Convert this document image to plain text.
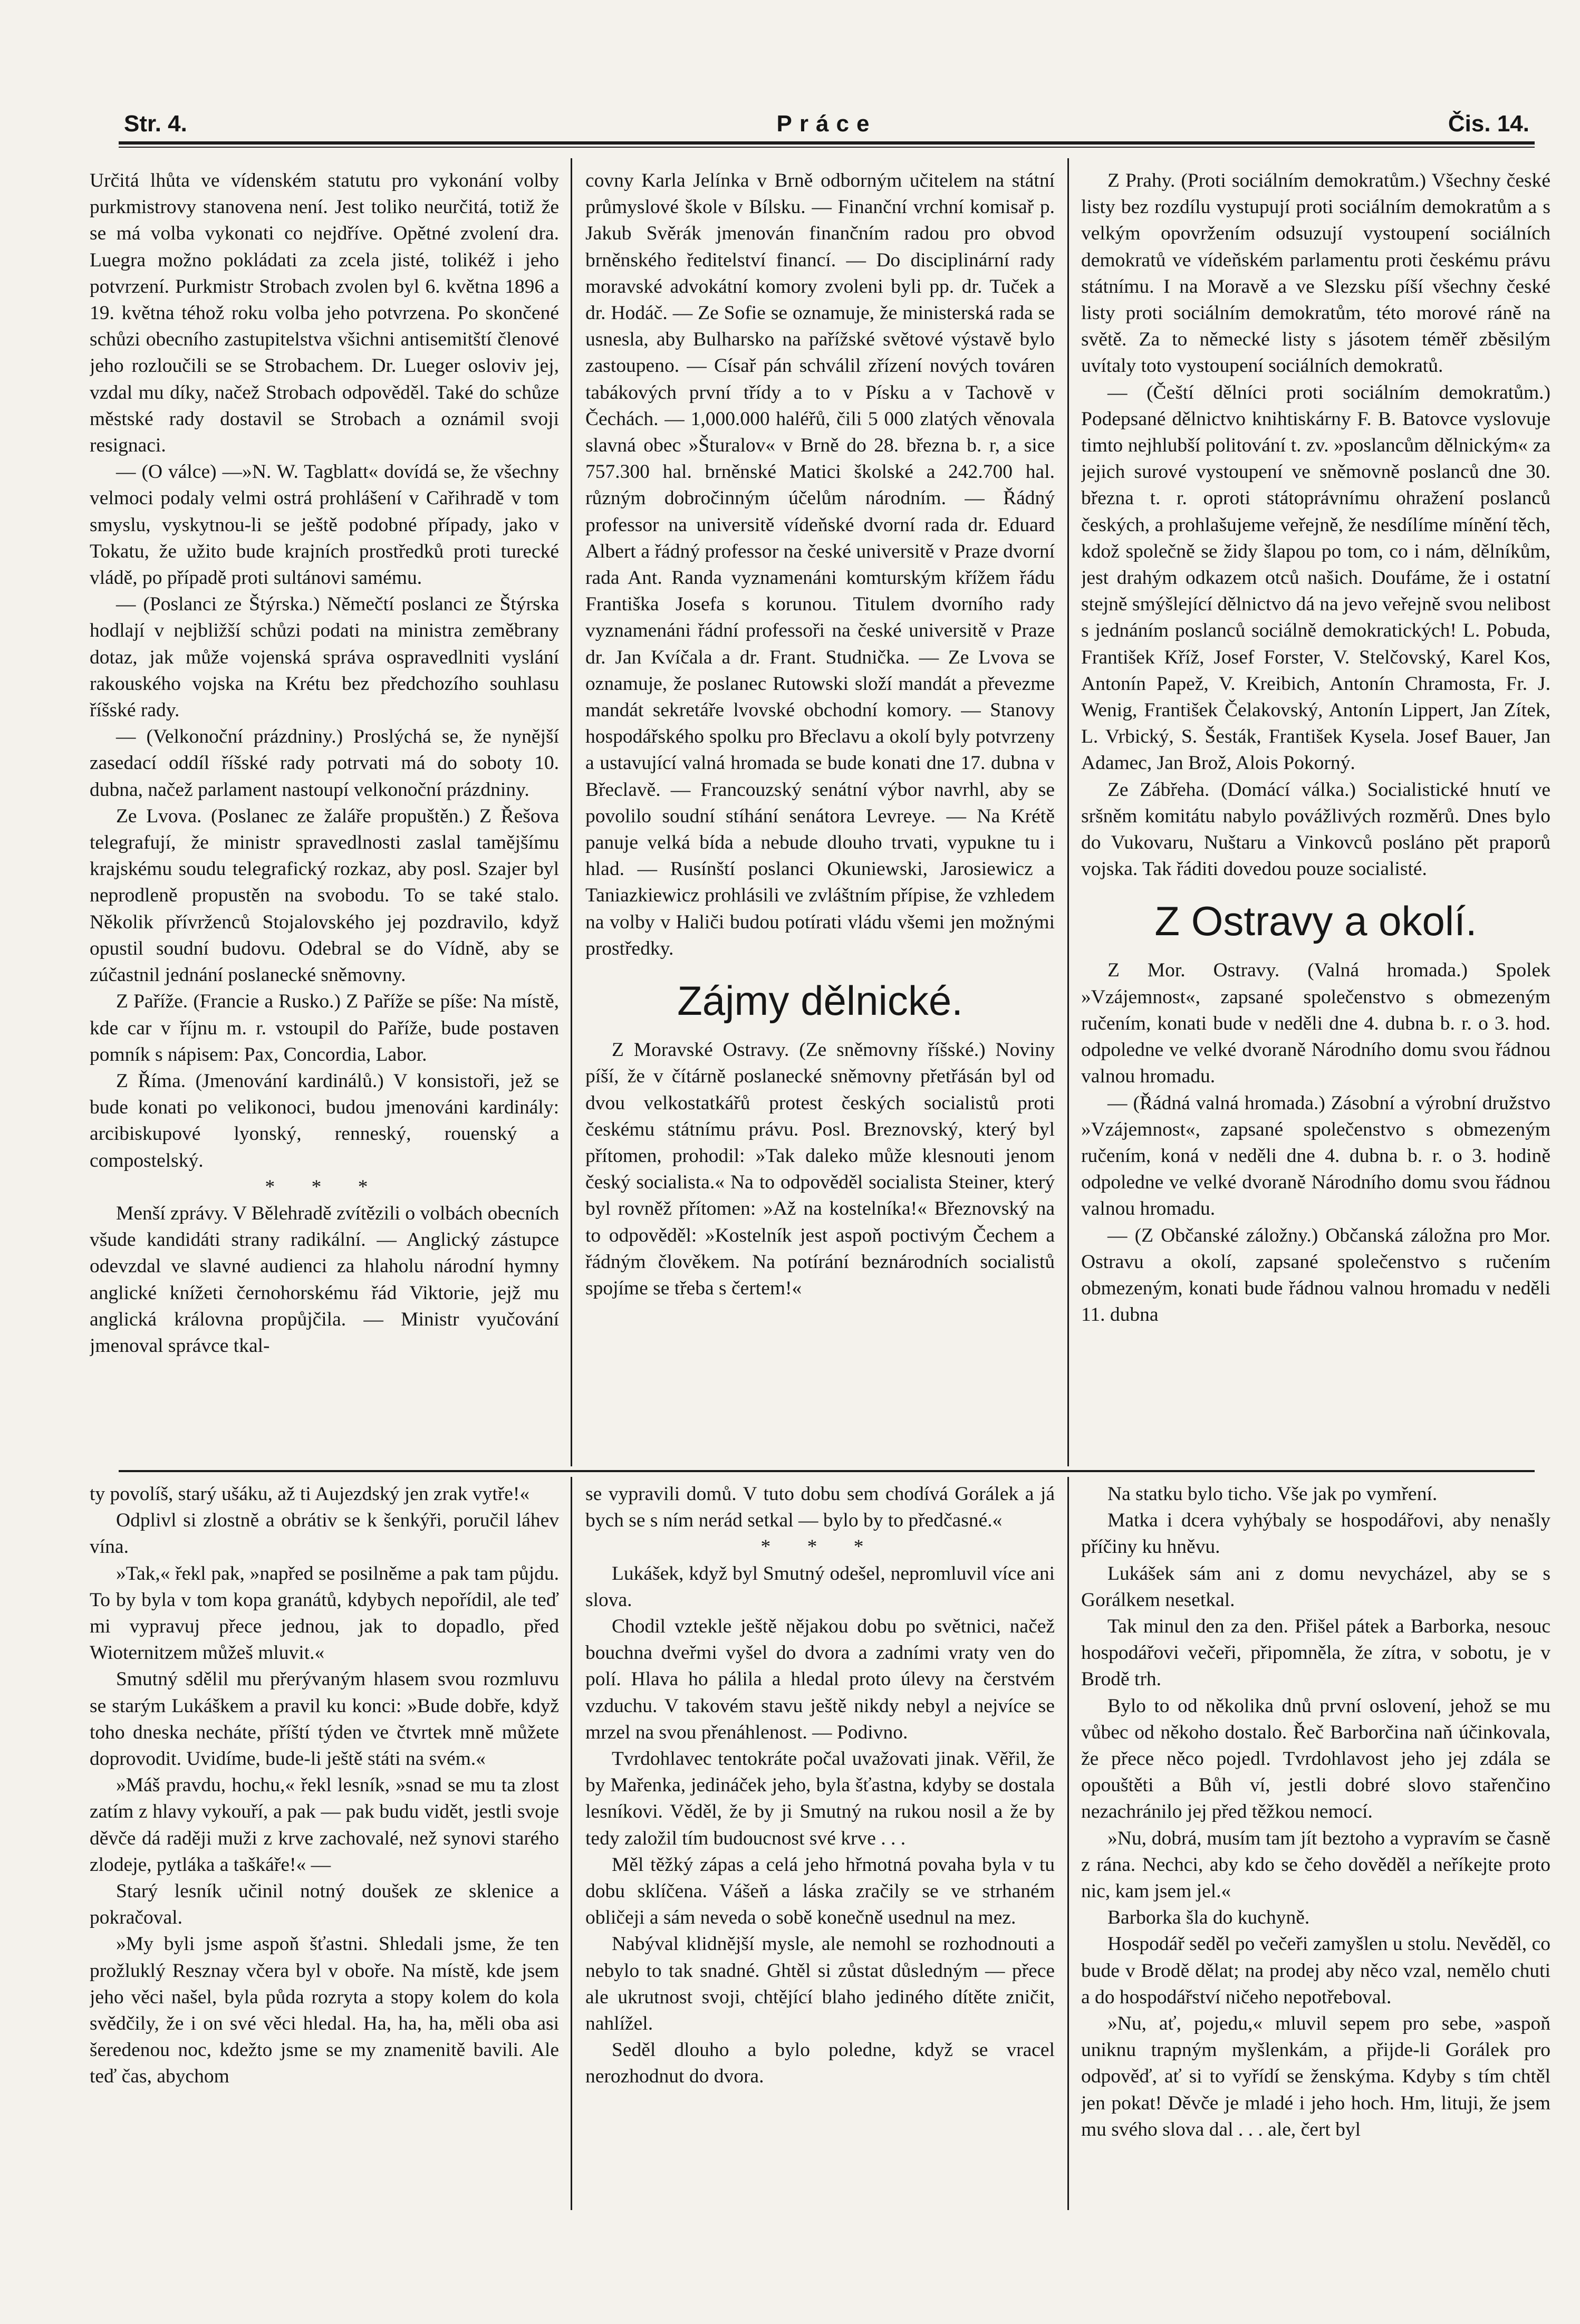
Str. 4.	Práce	Čis. 14.

Určitá lhůta ve vídenském statutu pro vykonání volby purkmistrovy stanovena není. Jest toliko neurčitá, totiž že se má volba vykonati co nejdříve. Opětné zvolení dra. Luegra možno pokládati za zcela jisté, tolikéž i jeho potvrzení. Purkmistr Strobach zvolen byl 6. května 1896 a 19. května téhož roku volba jeho potvrzena. Po skončené schůzi obecního zastupitelstva všichni antisemitští členové jeho rozloučili se se Strobachem. Dr. Lueger osloviv jej, vzdal mu díky, načež Strobach odpověděl. Také do schůze městské rady dostavil se Strobach a oznámil svoji resignaci.

— (O válce) —»N. W. Tagblatt« dovídá se, že všechny velmoci podaly velmi ostrá prohlášení v Cařihradě v tom smyslu, vyskytnou-li se ještě podobné případy, jako v Tokatu, že užito bude krajních prostředků proti turecké vládě, po případě proti sultánovi samému.

— (Poslanci ze Štýrska.) Němečtí poslanci ze Štýrska hodlají v nejbližší schůzi podati na ministra zeměbrany dotaz, jak může vojenská správa ospravedlniti vyslání rakouského vojska na Krétu bez předchozího souhlasu říšské rady.

— (Velkonoční prázdniny.) Proslýchá se, že nynější zasedací oddíl říšské rady potrvati má do soboty 10. dubna, načež parlament nastoupí velkonoční prázdniny.

Ze Lvova. (Poslanec ze žaláře propuštěn.) Z Řešova telegrafují, že ministr spravedlnosti zaslal tamějšímu krajskému soudu telegrafický rozkaz, aby posl. Szajer byl neprodleně propustěn na svobodu. To se také stalo. Několik přívrženců Stojalovského jej pozdravilo, když opustil soudní budovu. Odebral se do Vídně, aby se zúčastnil jednání poslanecké sněmovny.

Z Paříže. (Francie a Rusko.) Z Paříže se píše: Na místě, kde car v říjnu m. r. vstoupil do Paříže, bude postaven pomník s nápisem: Pax, Concordia, Labor.

Z Říma. (Jmenování kardinálů.) V konsistoři, jež se bude konati po velikonoci, budou jmenováni kardinály: arcibiskupové lyonský, renneský, rouenský a compostelský.

* * *

Menší zprávy. V Bělehradě zvítězili o volbách obecních všude kandidáti strany radikální. — Anglický zástupce odevzdal ve slavné audienci za hlaholu národní hymny anglické knížeti černohorskému řád Viktorie, jejž mu anglická královna propůjčila. — Ministr vyučování jmenoval správce tkal-

covny Karla Jelínka v Brně odborným učitelem na státní průmyslové škole v Bílsku. — Finanční vrchní komisař p. Jakub Svěrák jmenován finančním radou pro obvod brněnského ředitelství financí. — Do disciplinární rady moravské advokátní komory zvoleni byli pp. dr. Tuček a dr. Hodáč. — Ze Sofie se oznamuje, že ministerská rada se usnesla, aby Bulharsko na pařížské světové výstavě bylo zastoupeno. — Císař pán schválil zřízení nových továren tabákových první třídy a to v Písku a v Tachově v Čechách. — 1,000.000 haléřů, čili 5 000 zlatých věnovala slavná obec »Šturalov« v Brně do 28. března b. r, a sice 757.300 hal. brněnské Matici školské a 242.700 hal. různým dobročinným účelům národním. — Řádný professor na universitě vídeňské dvorní rada dr. Eduard Albert a řádný professor na české universitě v Praze dvorní rada Ant. Randa vyznamenáni komturským křížem řádu Františka Josefa s korunou. Titulem dvorního rady vyznamenáni řádní professoři na české universitě v Praze dr. Jan Kvíčala a dr. Frant. Studnička. — Ze Lvova se oznamuje, že poslanec Rutowski složí mandát a převezme mandát sekretáře lvovské obchodní komory. — Stanovy hospodářského spolku pro Břeclavu a okolí byly potvrzeny a ustavující valná hromada se bude konati dne 17. dubna v Břeclavě. — Francouzský senátní výbor navrhl, aby se povolilo soudní stíhání senátora Levreye. — Na Krétě panuje velká bída a nebude dlouho trvati, vypukne tu i hlad. — Rusínští poslanci Okuniewski, Jarosiewicz a Taniazkiewicz prohlásili ve zvláštním přípise, že vzhledem na volby v Haliči budou potírati vládu všemi jen možnými prostředky.

Zájmy dělnické.

Z Moravské Ostravy. (Ze sněmovny říšské.) Noviny píší, že v čítárně poslanecké sněmovny přetřásán byl od dvou velkostatkářů protest českých socialistů proti českému státnímu právu. Posl. Breznovský, který byl přítomen, prohodil: »Tak daleko může klesnouti jenom český socialista.« Na to odpověděl socialista Steiner, který byl rovněž přítomen: »Až na kostelníka!« Březnovský na to odpověděl: »Kostelník jest aspoň poctivým Čechem a řádným člověkem. Na potírání beznárodních socialistů spojíme se třeba s čertem!«

Z Prahy. (Proti sociálním demokratům.) Všechny české listy bez rozdílu vystupují proti sociálním demokratům a s velkým opovržením odsuzují vystoupení sociálních demokratů ve vídeňském parlamentu proti českému právu státnímu. I na Moravě a ve Slezsku píší všechny české listy proti sociálním demokratům, této morové ráně na světě. Za to německé listy s jásotem téměř zběsilým uvítaly toto vystoupení sociálních demokratů.

— (Čeští dělníci proti sociálním demokratům.) Podepsané dělnictvo knihtiskárny F. B. Batovce vyslovuje timto nejhlubší politování t. zv. »poslancům dělnickým« za jejich surové vystoupení ve sněmovně poslanců dne 30. března t. r. oproti státoprávnímu ohražení poslanců českých, a prohlašujeme veřejně, že nesdílíme mínění těch, kdož společně se židy šlapou po tom, co i nám, dělníkům, jest drahým odkazem otců našich. Doufáme, že i ostatní stejně smýšlející dělnictvo dá na jevo veřejně svou nelibost s jednáním poslanců sociálně demokratických! L. Pobuda, František Kříž, Josef Forster, V. Stelčovský, Karel Kos, Antonín Papež, V. Kreibich, Antonín Chramosta, Fr. J. Wenig, František Čelakovský, Antonín Lippert, Jan Zítek, L. Vrbický, S. Šesták, František Kysela. Josef Bauer, Jan Adamec, Jan Brož, Alois Pokorný.

Ze Zábřeha. (Domácí válka.) Socialistické hnutí ve sršněm komitátu nabylo povážlivých rozměrů. Dnes bylo do Vukovaru, Nuštaru a Vinkovců posláno pět praporů vojska. Tak řáditi dovedou pouze socialisté.

Z Ostravy a okolí.

Z Mor. Ostravy. (Valná hromada.) Spolek »Vzájemnost«, zapsané společenstvo s obmezeným ručením, konati bude v neděli dne 4. dubna b. r. o 3. hod. odpoledne ve velké dvoraně Národního domu svou řádnou valnou hromadu.

— (Řádná valná hromada.) Zásobní a výrobní družstvo »Vzájemnost«, zapsané společenstvo s obmezeným ručením, koná v neděli dne 4. dubna b. r. o 3. hodině odpoledne ve velké dvoraně Národního domu svou řádnou valnou hromadu.

— (Z Občanské záložny.) Občanská záložna pro Mor. Ostravu a okolí, zapsané společenstvo s ručením obmezeným, konati bude řádnou valnou hromadu v neděli 11. dubna

ty povolíš, starý ušáku, až ti Aujezdský jen zrak vytře!«

Odplivl si zlostně a obrátiv se k šenkýři, poručil láhev vína.

»Tak,« řekl pak, »napřed se posilněme a pak tam půjdu. To by byla v tom kopa granátů, kdybych nepořídil, ale teď mi vypravuj přece jednou, jak to dopadlo, před Wioternitzem můžeš mluvit.«

Smutný sdělil mu přerývaným hlasem svou rozmluvu se starým Lukáškem a pravil ku konci: »Bude dobře, když toho dneska necháte, příští týden ve čtvrtek mně můžete doprovodit. Uvidíme, bude-li ještě státi na svém.«

»Máš pravdu, hochu,« řekl lesník, »snad se mu ta zlost zatím z hlavy vykouří, a pak — pak budu vidět, jestli svoje děvče dá raději muži z krve zachovalé, než synovi starého zlodeje, pytláka a taškáře!« —

Starý lesník učinil notný doušek ze sklenice a pokračoval.

»My byli jsme aspoň šťastni. Shledali jsme, že ten prožluklý Resznay včera byl v oboře. Na místě, kde jsem jeho věci našel, byla půda rozryta a stopy kolem do kola svědčily, že i on své věci hledal. Ha, ha, ha, měli oba asi šeredenou noc, kdežto jsme se my znamenitě bavili. Ale teď čas, abychom

se vypravili domů. V tuto dobu sem chodívá Gorálek a já bych se s ním nerád setkal — bylo by to předčasné.«

* * *

Lukášek, když byl Smutný odešel, nepromluvil více ani slova.

Chodil vztekle ještě nějakou dobu po světnici, načež bouchna dveřmi vyšel do dvora a zadními vraty ven do polí. Hlava ho pálila a hledal proto úlevy na čerstvém vzduchu. V takovém stavu ještě nikdy nebyl a nejvíce se mrzel na svou přenáhlenost. — Podivno.

Tvrdohlavec tentokráte počal uvažovati jinak. Věřil, že by Mařenka, jedináček jeho, byla šťastna, kdyby se dostala lesníkovi. Věděl, že by ji Smutný na rukou nosil a že by tedy založil tím budoucnost své krve . . .

Měl těžký zápas a celá jeho hřmotná povaha byla v tu dobu sklíčena. Vášeň a láska zračily se ve strhaném obličeji a sám neveda o sobě konečně usednul na mez.

Nabýval klidnější mysle, ale nemohl se rozhodnouti a nebylo to tak snadné. Ghtěl si zůstat důsledným — přece ale ukrutnost svoji, chtějící blaho jediného dítěte zničit, nahlížel.

Seděl dlouho a bylo poledne, když se vracel nerozhodnut do dvora.

Na statku bylo ticho. Vše jak po vymření.

Matka i dcera vyhýbaly se hospodářovi, aby nenašly příčiny ku hněvu.

Lukášek sám ani z domu nevycházel, aby se s Gorálkem nesetkal.

Tak minul den za den. Přišel pátek a Barborka, nesouc hospodářovi večeři, připomněla, že zítra, v sobotu, je v Brodě trh.

Bylo to od několika dnů první oslovení, jehož se mu vůbec od někoho dostalo. Řeč Barborčina naň účinkovala, že přece něco pojedl. Tvrdohlavost jeho jej zdála se opouštěti a Bůh ví, jestli dobré slovo stařenčino nezachránilo jej před těžkou nemocí.

»Nu, dobrá, musím tam jít beztoho a vypravím se časně z rána. Nechci, aby kdo se čeho dověděl a neříkejte proto nic, kam jsem jel.«

Barborka šla do kuchyně.

Hospodář seděl po večeři zamyšlen u stolu. Nevěděl, co bude v Brodě dělat; na prodej aby něco vzal, nemělo chuti a do hospodářství ničeho nepotřeboval.

»Nu, ať, pojedu,« mluvil sepem pro sebe, »aspoň uniknu trapným myšlenkám, a přijde-li Gorálek pro odpověď, ať si to vyřídí se ženskýma. Kdyby s tím chtěl jen pokat! Děvče je mladé i jeho hoch. Hm, lituji, že jsem mu svého slova dal . . . ale, čert byl
